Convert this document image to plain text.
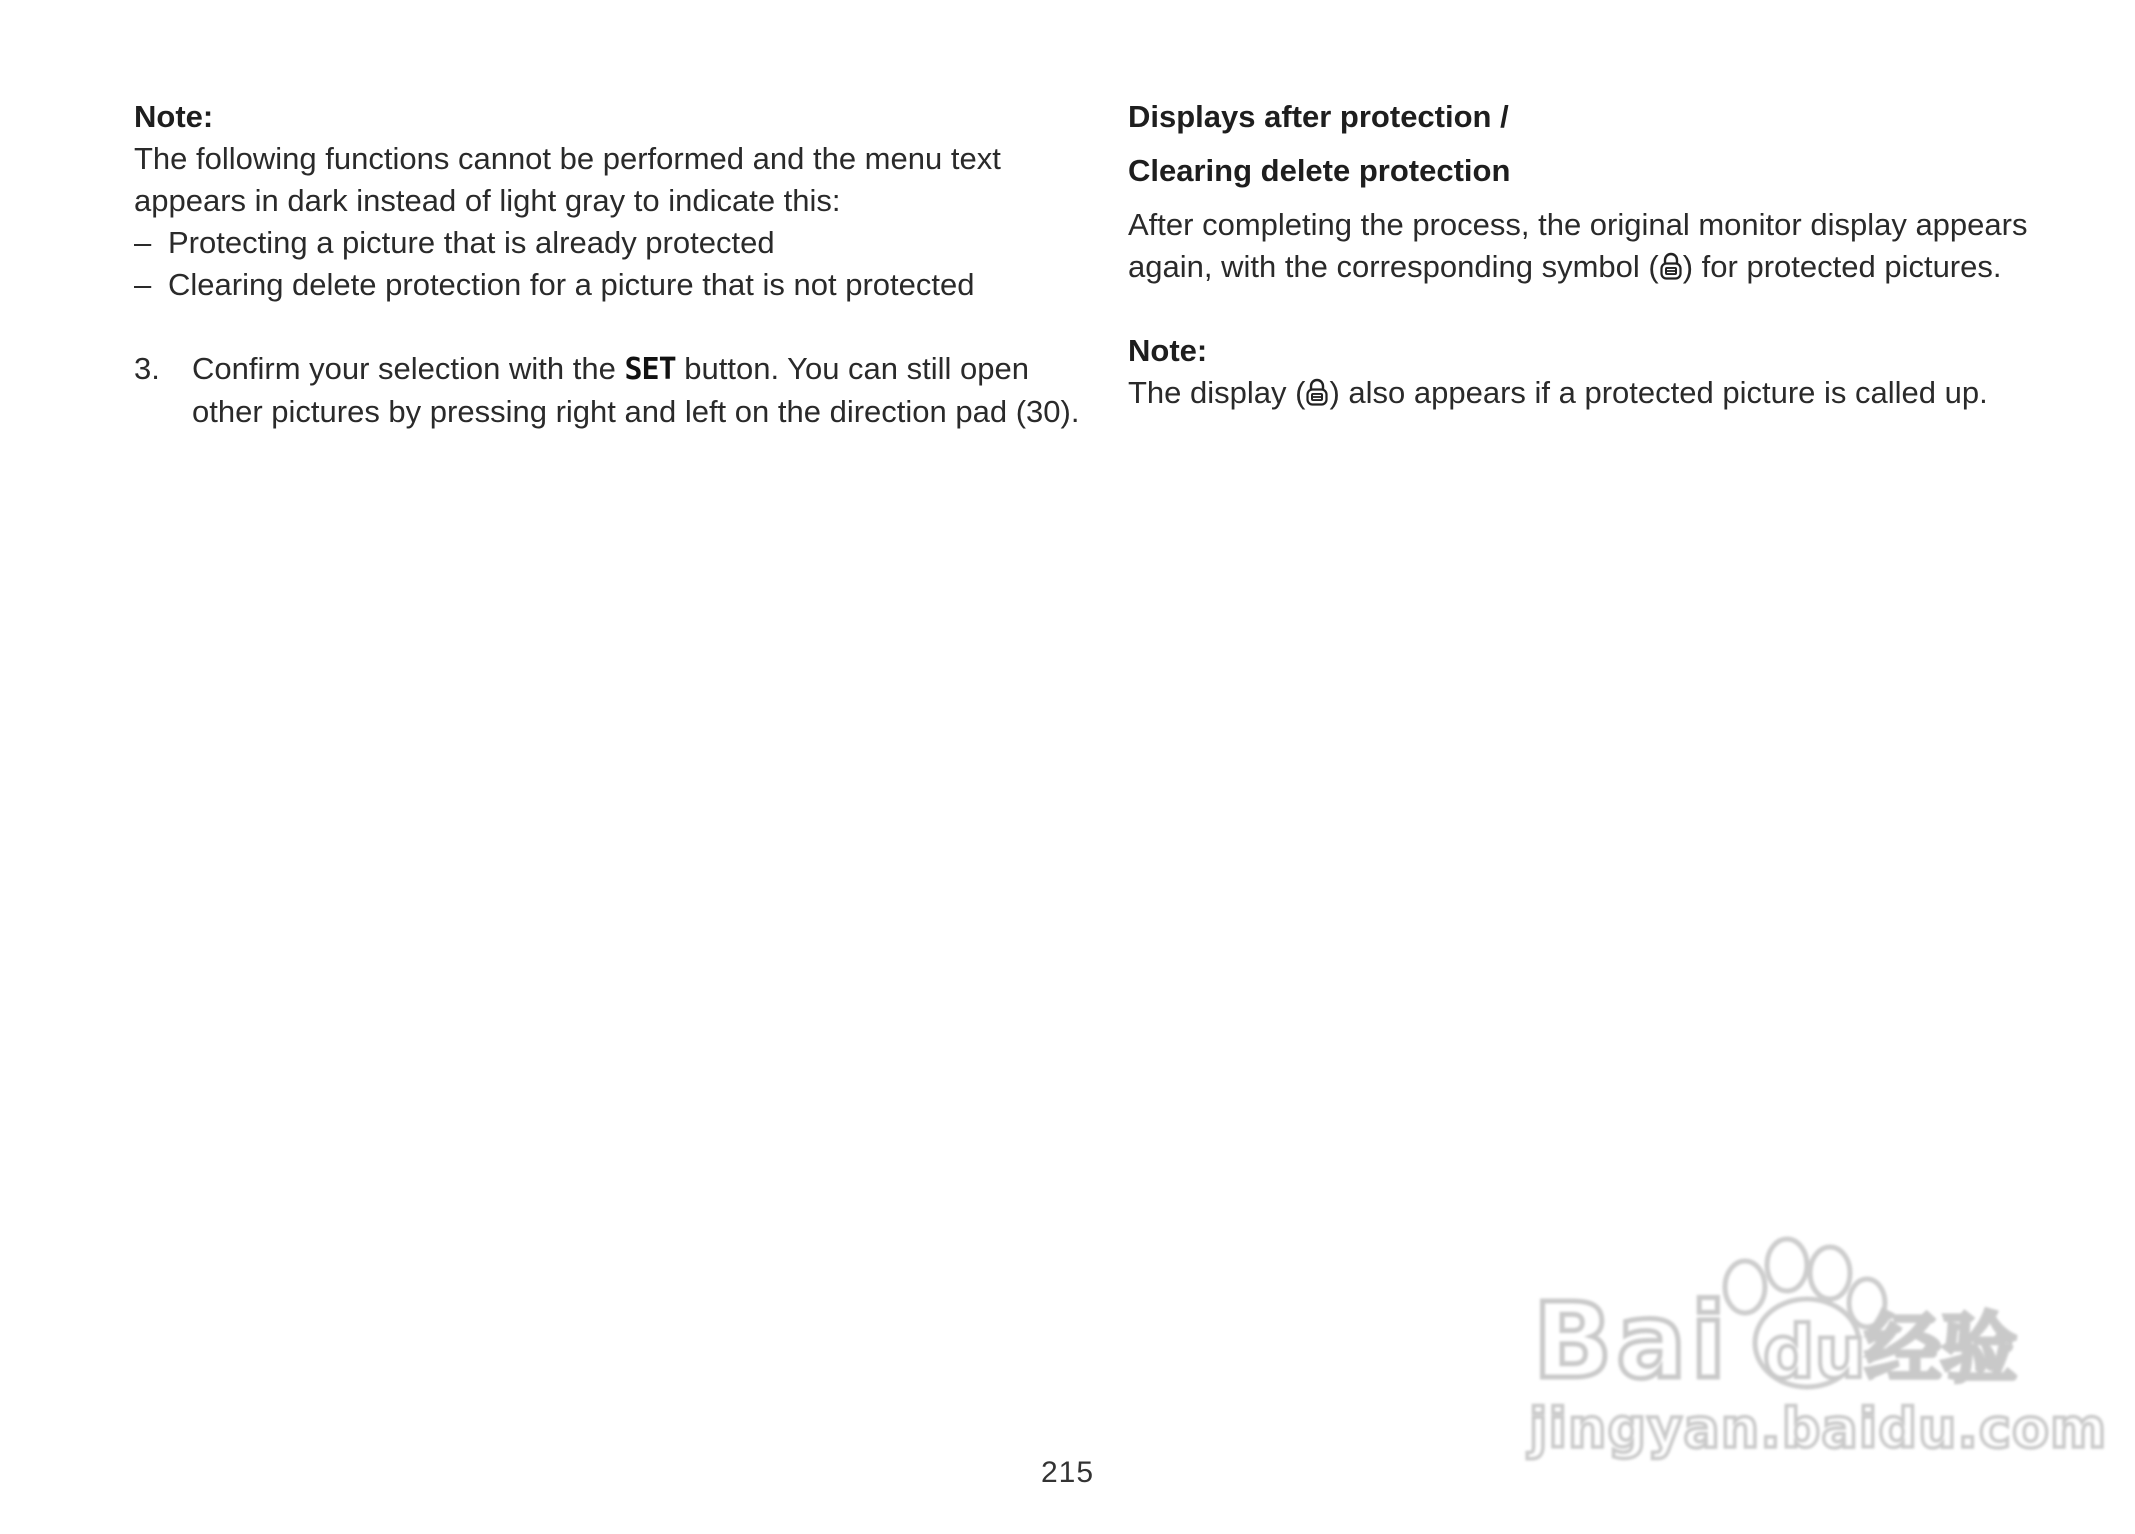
Note:

The following functions cannot be performed and the menu text appears in dark instead of light gray to indicate this:

– Protecting a picture that is already protected
– Clearing delete protection for a picture that is not protected

3. Confirm your selection with the SET button. You can still open other pictures by pressing right and left on the direction pad (30).

Displays after protection /

Clearing delete protection

After completing the process, the original monitor display appears again, with the corresponding symbol ( ) for protected pictures.

Note:

The display ( ) also appears if a protected picture is called up.

Bai du 经验
jingyan.baidu.com
215
